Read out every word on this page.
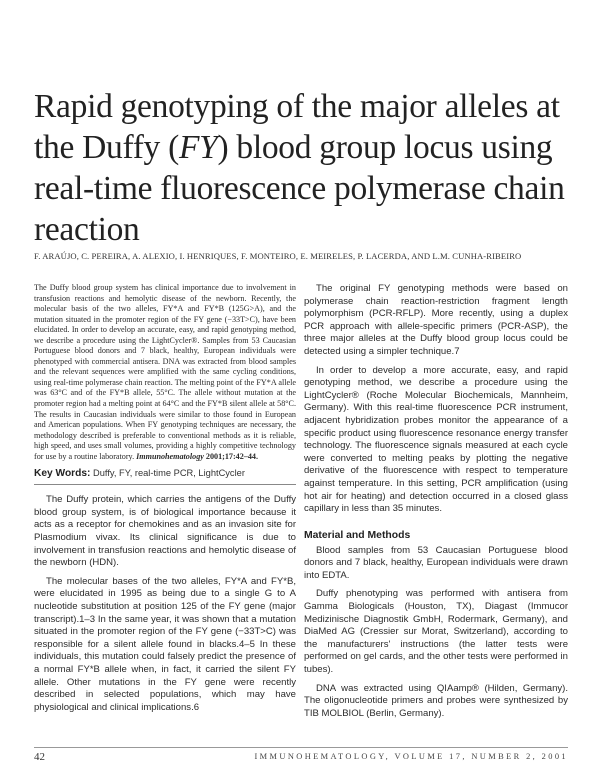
Rapid genotyping of the major alleles at the Duffy (FY) blood group locus using real-time fluorescence polymerase chain reaction
F. ARAÚJO, C. PEREIRA, A. ALEXIO, I. HENRIQUES, F. MONTEIRO, E. MEIRELES, P. LACERDA, AND L.M. CUNHA-RIBEIRO

The Duffy blood group system has clinical importance due to involvement in transfusion reactions and hemolytic disease of the newborn. Recently, the molecular basis of the two alleles, FY*A and FY*B (125G>A), and the mutation situated in the promoter region of the FY gene (−33T>C), have been elucidated. In order to develop an accurate, easy, and rapid genotyping method, we describe a procedure using the LightCycler®. Samples from 53 Caucasian Portuguese blood donors and 7 black, healthy, European individuals were phenotyped with commercial antisera. DNA was extracted from blood samples and the relevant sequences were amplified with the same cycling conditions, using real-time polymerase chain reaction. The melting point of the FY*A allele was 63°C and of the FY*B allele, 55°C. The allele without mutation at the promoter region had a melting point at 64°C and the FY*B silent allele at 58°C. The results in Caucasian individuals were similar to those found in European and American populations. When FY genotyping techniques are necessary, the methodology described is preferable to conventional methods as it is reliable, high speed, and uses small volumes, providing a highly competitive technology for use by a routine laboratory. Immunohematology 2001;17:42–44.

Key Words: Duffy, FY, real-time PCR, LightCycler

The Duffy protein, which carries the antigens of the Duffy blood group system, is of biological importance because it acts as a receptor for chemokines and as an invasion site for Plasmodium vivax. Its clinical significance is due to involvement in transfusion reactions and hemolytic disease of the newborn (HDN).

The molecular bases of the two alleles, FY*A and FY*B, were elucidated in 1995 as being due to a single G to A nucleotide substitution at position 125 of the FY gene (major transcript).1–3 In the same year, it was shown that a mutation situated in the promoter region of the FY gene (−33T>C) was responsible for a silent allele found in blacks.4–5 In these individuals, this mutation could falsely predict the presence of a normal FY*B allele when, in fact, it carried the silent FY allele. Other mutations in the FY gene were recently described in selected populations, which may have physiological and clinical implications.6

The original FY genotyping methods were based on polymerase chain reaction-restriction fragment length polymorphism (PCR-RFLP). More recently, using a duplex PCR approach with allele-specific primers (PCR-ASP), the three major alleles at the Duffy blood group locus could be detected using a simpler technique.7

In order to develop a more accurate, easy, and rapid genotyping method, we describe a procedure using the LightCycler® (Roche Molecular Biochemicals, Mannheim, Germany). With this real-time fluorescence PCR instrument, adjacent hybridization probes monitor the appearance of a specific product using fluorescence resonance energy transfer technology. The fluorescence signals measured at each cycle were converted to melting peaks by plotting the negative derivative of the fluorescence with respect to temperature against temperature. In this setting, PCR amplification (using hot air for heating) and detection occurred in a closed glass capillary in less than 35 minutes.

Material and Methods

Blood samples from 53 Caucasian Portuguese blood donors and 7 black, healthy, European individuals were drawn into EDTA.

Duffy phenotyping was performed with antisera from Gamma Biologicals (Houston, TX), Diagast (Immucor Medizinische Diagnostik GmbH, Rodermark, Germany), and DiaMed AG (Cressier sur Morat, Switzerland), according to the manufacturers' instructions (the latter tests were performed on gel cards, and the other tests were performed in tubes).

DNA was extracted using QIAamp® (Hilden, Germany). The oligonucleotide primers and probes were synthesized by TIB MOLBIOL (Berlin, Germany).

42	IMMUNOHEMATOLOGY, VOLUME 17, NUMBER 2, 2001
